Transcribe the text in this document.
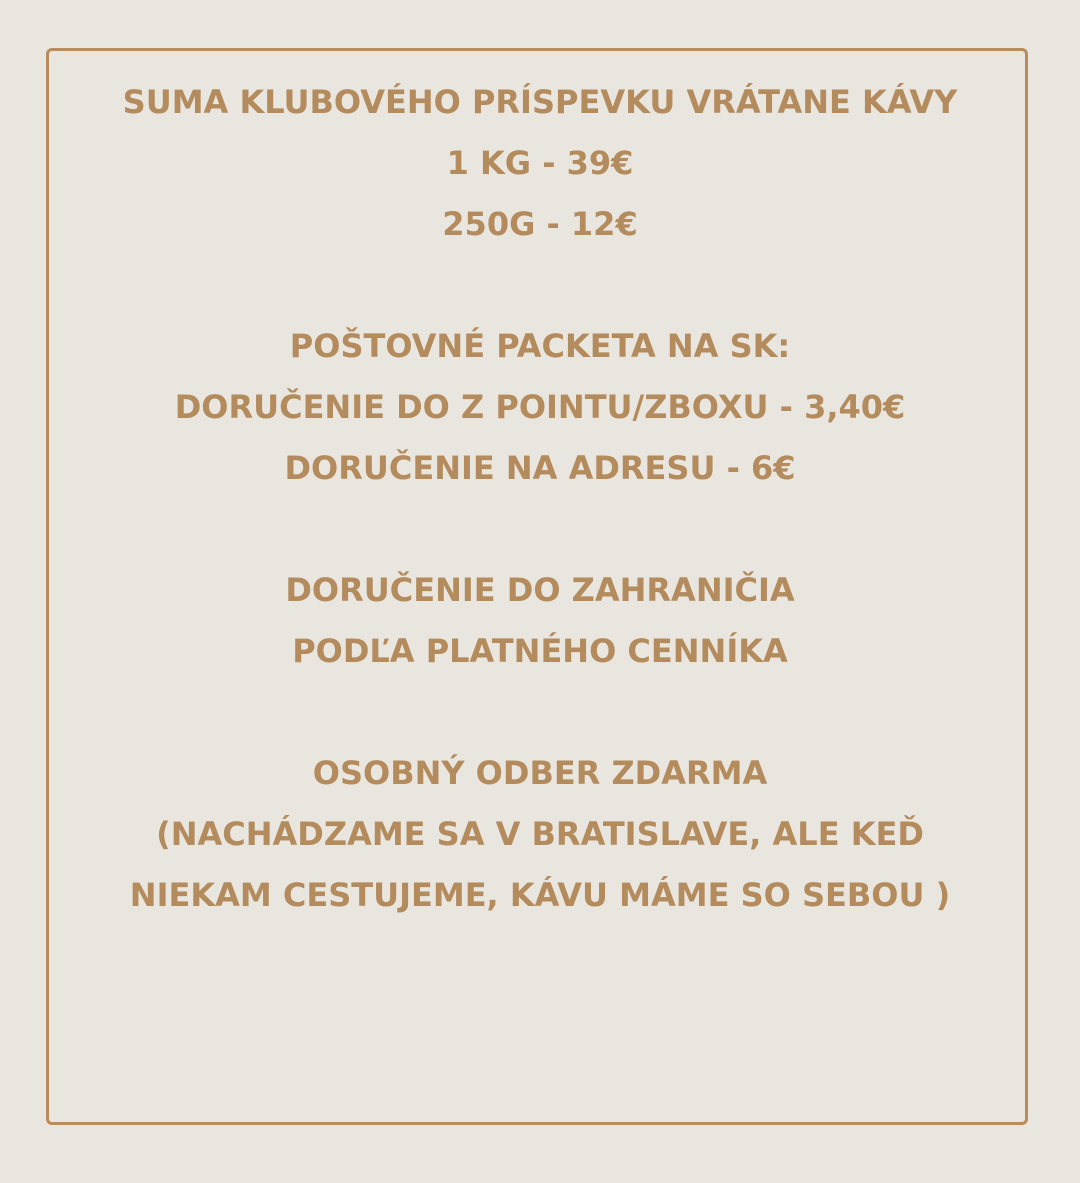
SUMA KLUBOVÉHO PRÍSPEVKU VRÁTANE KÁVY
1 KG - 39€
250G - 12€
POŠTOVNÉ PACKETA NA SK:
DORUČENIE DO Z POINTU/ZBOXU - 3,40€
DORUČENIE NA ADRESU - 6€
DORUČENIE DO ZAHRANIČIA
PODĽA PLATNÉHO CENNÍKA
OSOBNÝ ODBER ZDARMA
(NACHÁDZAME SA V BRATISLAVE, ALE KEĎ
NIEKAM CESTUJEME, KÁVU MÁME SO SEBOU )
